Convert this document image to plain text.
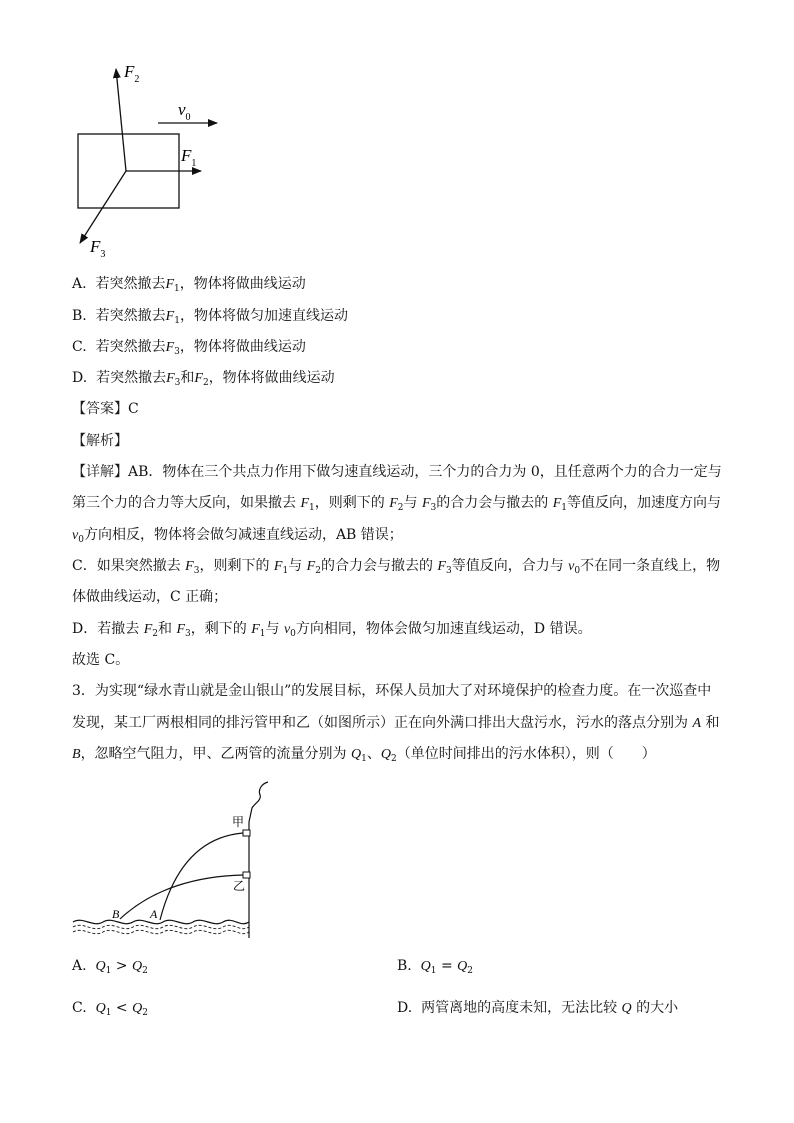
$F_2$
$v_0$
$F_1$
$F_3$
A. 若突然撤去$F_1$，物体将做曲线运动
B. 若突然撤去$F_1$，物体将做匀加速直线运动
C. 若突然撤去$F_3$，物体将做曲线运动
D. 若突然撤去$F_3$和$F_2$，物体将做曲线运动
【答案】C
【解析】
【详解】AB．物体在三个共点力作用下做匀速直线运动，三个力的合力为 0，且任意两个力的合力一定与
第三个力的合力等大反向，如果撤去 $F_1$，则剩下的 $F_2$与 $F_3$的合力会与撤去的 $F_1$等值反向，加速度方向与
$v_0$方向相反，物体将会做匀减速直线运动，AB 错误；
C．如果突然撤去 $F_3$，则剩下的 $F_1$与 $F_2$的合力会与撤去的 $F_3$等值反向，合力与 $v_0$不在同一条直线上，物
体做曲线运动，C 正确；
D．若撤去 $F_2$和 $F_3$，剩下的 $F_1$与 $v_0$方向相同，物体会做匀加速直线运动，D 错误。
故选 C。
3．为实现“绿水青山就是金山银山”的发展目标，环保人员加大了对环境保护的检查力度。在一次巡查中
发现，某工厂两根相同的排污管甲和乙（如图所示）正在向外满口排出大盘污水，污水的落点分别为 A 和
B，忽略空气阻力，甲、乙两管的流量分别为 $Q_1$、$Q_2$（单位时间排出的污水体积），则（　　）
甲
乙
B	A
A. $Q_1 > Q_2$	B. $Q_1 = Q_2$
C. $Q_1 < Q_2$	D. 两管离地的高度未知，无法比较 Q 的大小
